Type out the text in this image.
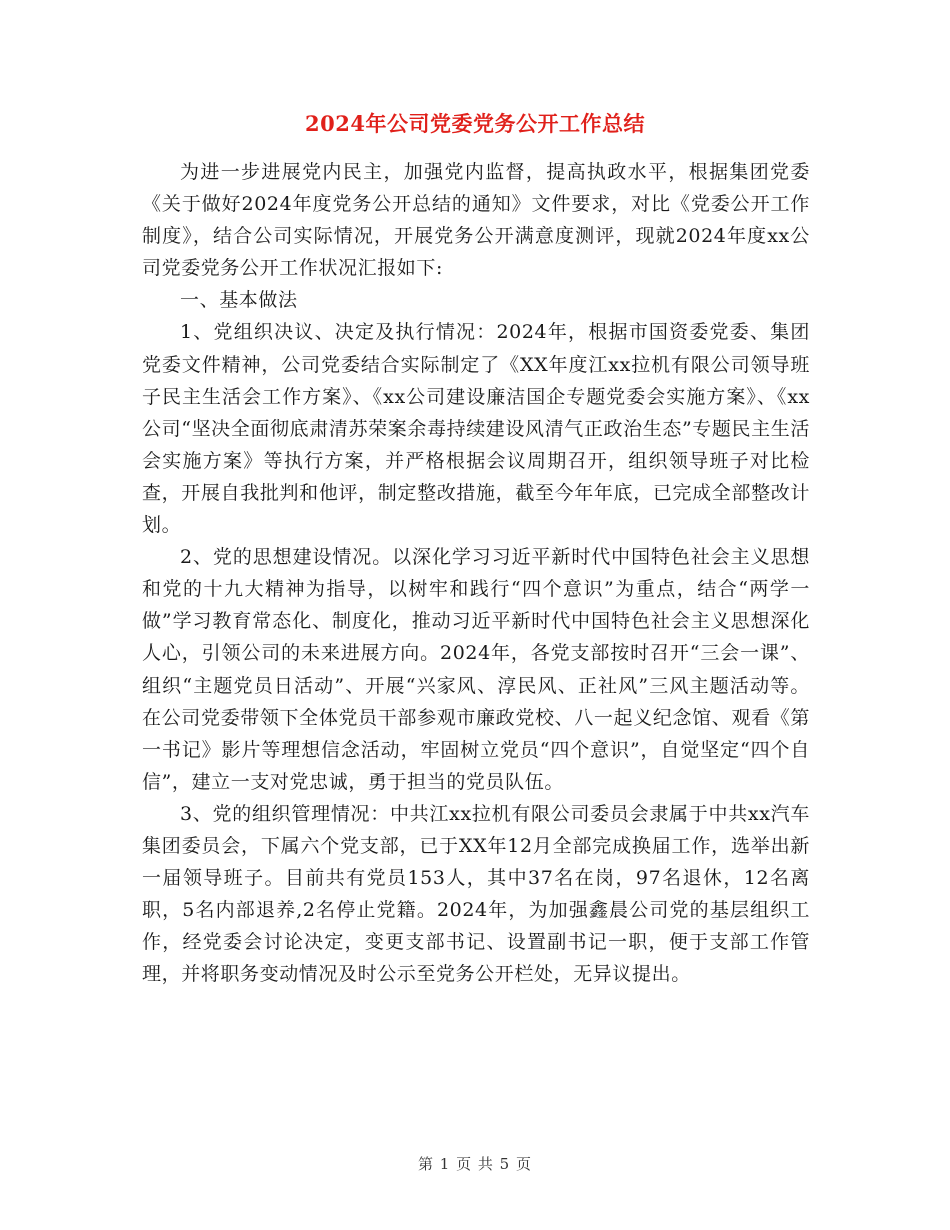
2024年公司党委党务公开工作总结

为进一步进展党内民主，加强党内监督，提高执政水平，根据集团党委《关于做好2024年度党务公开总结的通知》文件要求，对比《党委公开工作制度》，结合公司实际情况，开展党务公开满意度测评，现就2024年度xx公司党委党务公开工作状况汇报如下:

一、基本做法

1、党组织决议、决定及执行情况：2024年，根据市国资委党委、集团党委文件精神，公司党委结合实际制定了《XX年度江xx拉机有限公司领导班子民主生活会工作方案》、《xx公司建设廉洁国企专题党委会实施方案》、《xx公司“坚决全面彻底肃清苏荣案余毒持续建设风清气正政治生态”专题民主生活会实施方案》等执行方案，并严格根据会议周期召开，组织领导班子对比检查，开展自我批判和他评，制定整改措施，截至今年年底，已完成全部整改计划。

2、党的思想建设情况。以深化学习习近平新时代中国特色社会主义思想和党的十九大精神为指导，以树牢和践行“四个意识”为重点，结合“两学一做”学习教育常态化、制度化，推动习近平新时代中国特色社会主义思想深化人心，引领公司的未来进展方向。2024年，各党支部按时召开“三会一课”、组织“主题党员日活动”、开展“兴家风、淳民风、正社风”三风主题活动等。 在公司党委带领下全体党员干部参观市廉政党校、八一起义纪念馆、观看《第一书记》影片等理想信念活动，牢固树立党员“四个意识”，自觉坚定“四个自信”，建立一支对党忠诚，勇于担当的党员队伍。

3、党的组织管理情况：中共江xx拉机有限公司委员会隶属于中共xx汽车集团委员会，下属六个党支部，已于XX年12月全部完成换届工作，选举出新一届领导班子。目前共有党员153人，其中37名在岗，97名退休，12名离职，5名内部退养,2名停止党籍。2024年，为加强鑫晨公司党的基层组织工作，经党委会讨论决定，变更支部书记、设置副书记一职，便于支部工作管理，并将职务变动情况及时公示至党务公开栏处，无异议提出。

第 1 页 共 5 页
